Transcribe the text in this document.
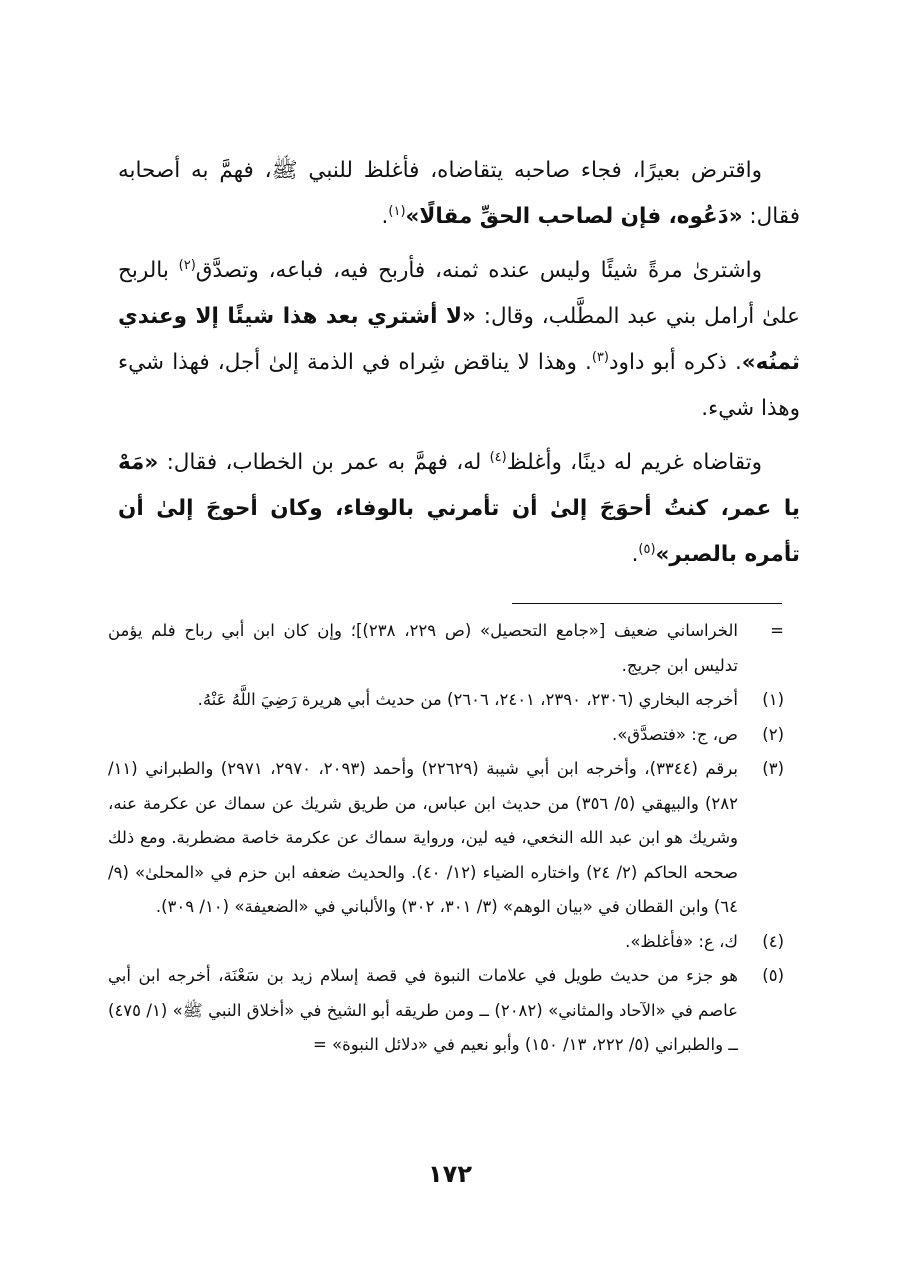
واقترض بعيرًا، فجاء صاحبه يتقاضاه، فأغلظ للنبي ﷺ، فهمَّ به أصحابه فقال: «دَعُوه، فإن لصاحب الحقِّ مقالًا»$^{(١)}$.

واشترىٰ مرةً شيئًا وليس عنده ثمنه، فأربح فيه، فباعه، وتصدَّق$^{(٢)}$ بالربح علىٰ أرامل بني عبد المطَّلب، وقال: «لا أشتري بعد هذا شيئًا إلا وعندي ثمنُه». ذكره أبو داود$^{(٣)}$. وهذا لا يناقض شِراه في الذمة إلىٰ أجل، فهذا شيء وهذا شيء.

وتقاضاه غريم له دينًا، وأغلظ$^{(٤)}$ له، فهمَّ به عمر بن الخطاب، فقال: «مَهْ يا عمر، كنتُ أحوَجَ إلىٰ أن تأمرني بالوفاء، وكان أحوجَ إلىٰ أن تأمره بالصبر»$^{(٥)}$.

=
الخراساني ضعيف [«جامع التحصيل» (ص ٢٢٩، ٢٣٨)]؛ وإن كان ابن أبي رباح فلم يؤمن تدليس ابن جريج.
(١)
أخرجه البخاري (٢٣٠٦، ٢٣٩٠، ٢٤٠١، ٢٦٠٦) من حديث أبي هريرة رَضِيَ اللَّهُ عَنْهُ.
(٢)
ص، ج: «فتصدَّق».
(٣)
برقم (٣٣٤٤)، وأخرجه ابن أبي شيبة (٢٢٦٢٩) وأحمد (٢٠٩٣، ٢٩٧٠، ٢٩٧١) والطبراني (١١/ ٢٨٢) والبيهقي (٥/ ٣٥٦) من حديث ابن عباس، من طريق شريك عن سماك عن عكرمة عنه، وشريك هو ابن عبد الله النخعي، فيه لين، ورواية سماك عن عكرمة خاصة مضطربة. ومع ذلك صححه الحاكم (٢/ ٢٤) واختاره الضياء (١٢/ ٤٠). والحديث ضعفه ابن حزم في «المحلىٰ» (٩/ ٦٤) وابن القطان في «بيان الوهم» (٣/ ٣٠١، ٣٠٢) والألباني في «الضعيفة» (١٠/ ٣٠٩).
(٤)
ك، ع: «فأغلظ».
(٥)
هو جزء من حديث طويل في علامات النبوة في قصة إسلام زيد بن سَعْنَة، أخرجه ابن أبي عاصم في «الآحاد والمثاني» (٢٠٨٢) ــ ومن طريقه أبو الشيخ في «أخلاق النبي ﷺ» (١/ ٤٧٥) ــ والطبراني (٥/ ٢٢٢، ١٣/ ١٥٠) وأبو نعيم في «دلائل النبوة» =
١٧٢
